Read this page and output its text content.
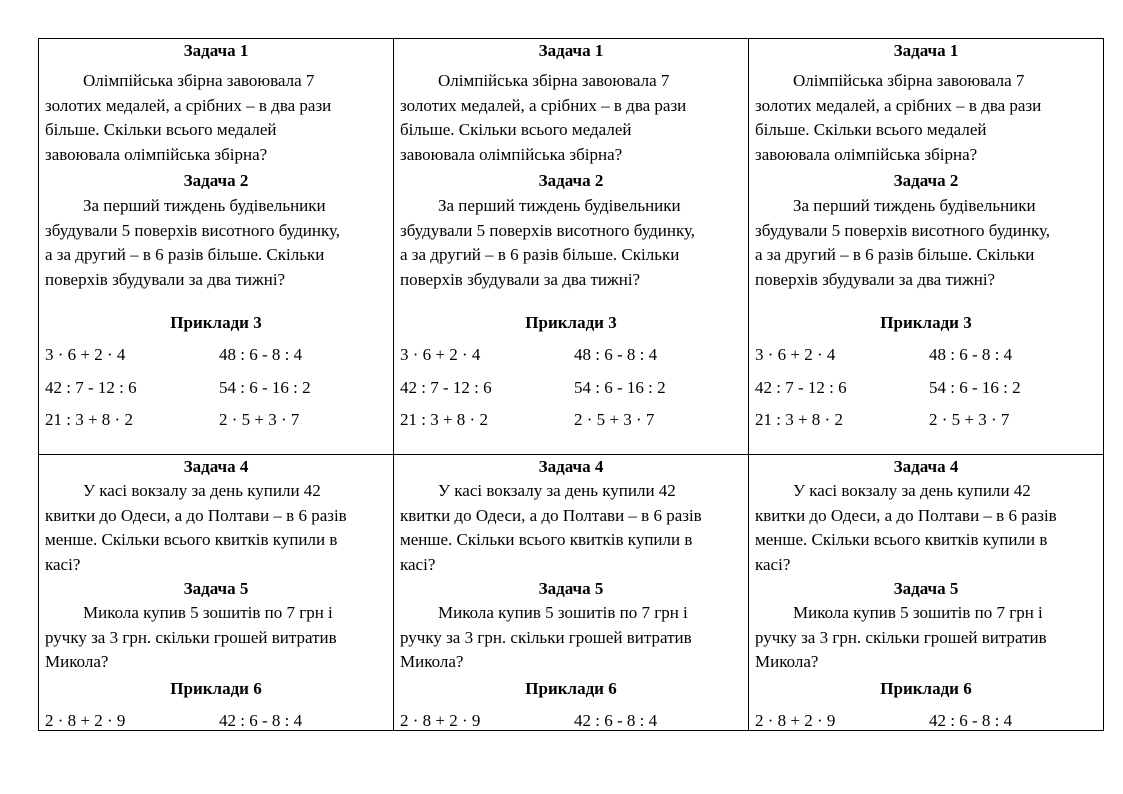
Задача 1
Олімпійська збірна завоювала 7
золотих медалей, а срібних – в два рази
більше. Скільки всього медалей
завоювала олімпійська збірна?
Задача 2
За перший тиждень будівельники
збудували 5 поверхів висотного будинку,
а за другий – в 6 разів більше. Скільки
поверхів збудували за два тижні?
Приклади 3
3 · 6 + 2 · 4	48 : 6 - 8 : 4
42 : 7 - 12 : 6	54 : 6 - 16 : 2
21 : 3 + 8 · 2	2 · 5 + 3 · 7
Задача 4
У касі вокзалу за день купили 42
квитки до Одеси, а до Полтави – в 6 разів
менше. Скільки всього квитків купили в
касі?
Задача 5
Микола купив 5 зошитів по 7 грн і
ручку за 3 грн. скільки грошей витратив
Микола?
Приклади 6
2 · 8 + 2 · 9	42 : 6 - 8 : 4
Задача 1
Олімпійська збірна завоювала 7
золотих медалей, а срібних – в два рази
більше. Скільки всього медалей
завоювала олімпійська збірна?
Задача 2
За перший тиждень будівельники
збудували 5 поверхів висотного будинку,
а за другий – в 6 разів більше. Скільки
поверхів збудували за два тижні?
Приклади 3
3 · 6 + 2 · 4	48 : 6 - 8 : 4
42 : 7 - 12 : 6	54 : 6 - 16 : 2
21 : 3 + 8 · 2	2 · 5 + 3 · 7
Задача 4
У касі вокзалу за день купили 42
квитки до Одеси, а до Полтави – в 6 разів
менше. Скільки всього квитків купили в
касі?
Задача 5
Микола купив 5 зошитів по 7 грн і
ручку за 3 грн. скільки грошей витратив
Микола?
Приклади 6
2 · 8 + 2 · 9	42 : 6 - 8 : 4
Задача 1
Олімпійська збірна завоювала 7
золотих медалей, а срібних – в два рази
більше. Скільки всього медалей
завоювала олімпійська збірна?
Задача 2
За перший тиждень будівельники
збудували 5 поверхів висотного будинку,
а за другий – в 6 разів більше. Скільки
поверхів збудували за два тижні?
Приклади 3
3 · 6 + 2 · 4	48 : 6 - 8 : 4
42 : 7 - 12 : 6	54 : 6 - 16 : 2
21 : 3 + 8 · 2	2 · 5 + 3 · 7
Задача 4
У касі вокзалу за день купили 42
квитки до Одеси, а до Полтави – в 6 разів
менше. Скільки всього квитків купили в
касі?
Задача 5
Микола купив 5 зошитів по 7 грн і
ручку за 3 грн. скільки грошей витратив
Микола?
Приклади 6
2 · 8 + 2 · 9	42 : 6 - 8 : 4
